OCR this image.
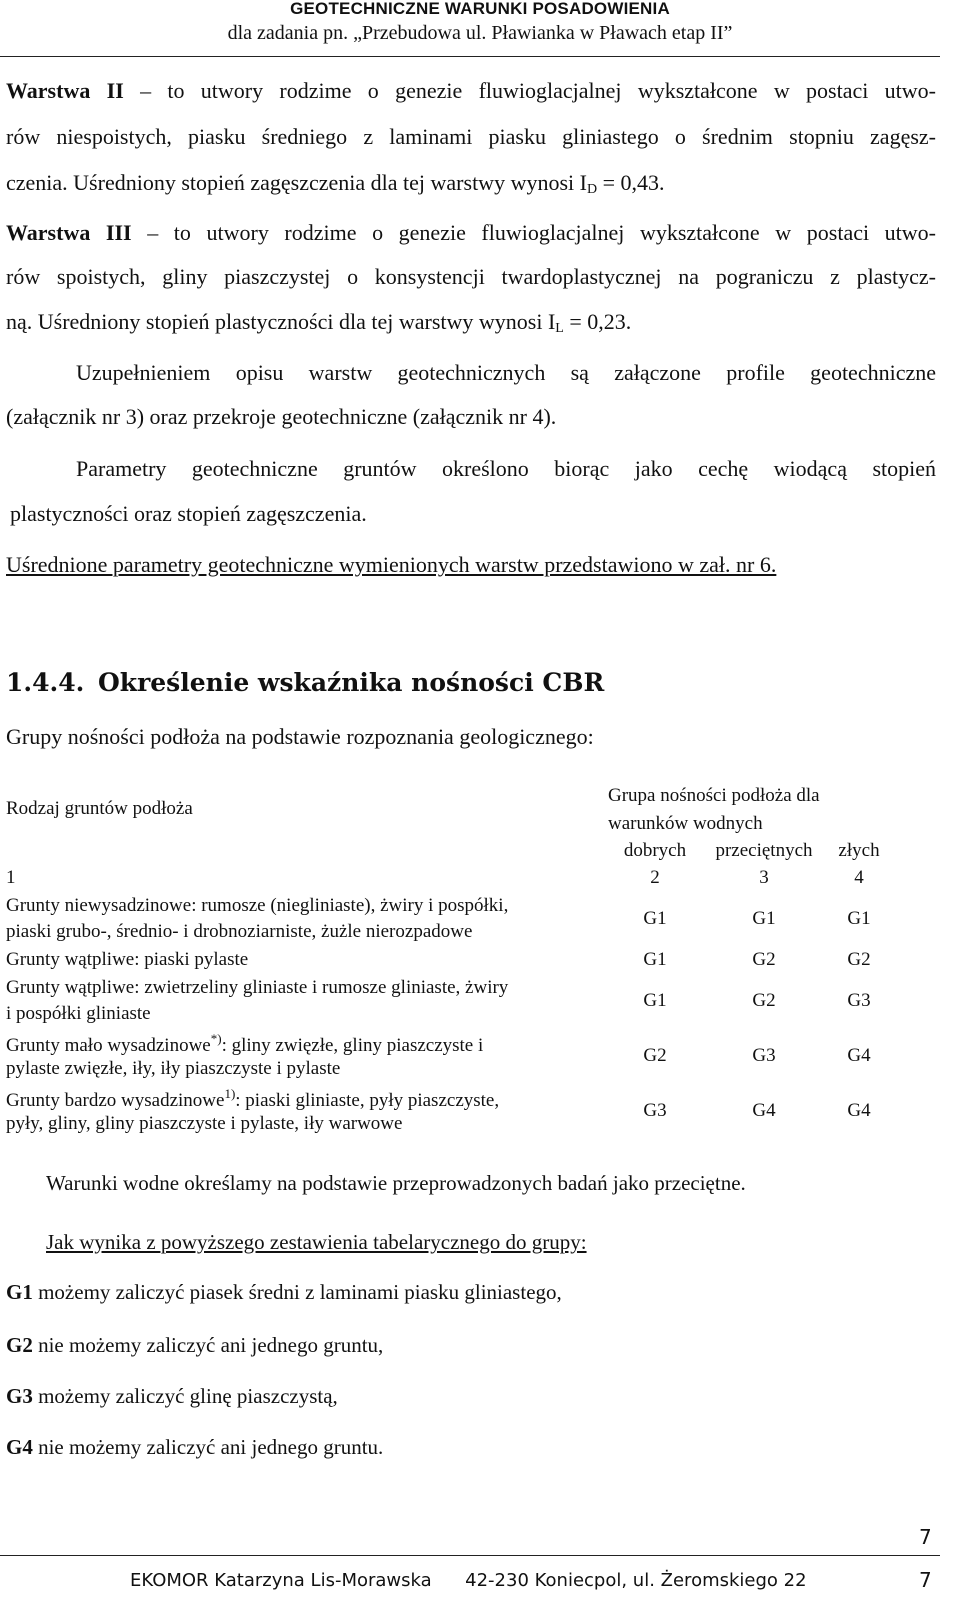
GEOTECHNICZNE WARUNKI POSADOWIENIA
dla zadania pn. „Przebudowa ul. Pławianka w Pławach etap II”
Warstwa II – to utwory rodzime o genezie fluwioglacjalnej wykształcone w postaci utwo-
rów niespoistych, piasku średniego z laminami piasku gliniastego o średnim stopniu zagęsz-
czenia. Uśredniony stopień zagęszczenia dla tej warstwy wynosi $I_D = 0,43$.
Warstwa III – to utwory rodzime o genezie fluwioglacjalnej wykształcone w postaci utwo-
rów spoistych, gliny piaszczystej o konsystencji twardoplastycznej na pograniczu z plastycz-
ną. Uśredniony stopień plastyczności dla tej warstwy wynosi $I_L = 0,23$.
Uzupełnieniem opisu warstw geotechnicznych są załączone profile geotechniczne
(załącznik nr 3) oraz przekroje geotechniczne (załącznik nr 4).
Parametry geotechniczne gruntów określono biorąc jako cechę wiodącą stopień
plastyczności oraz stopień zagęszczenia.
Uśrednione parametry geotechniczne wymienionych warstw przedstawiono w zał. nr 6.
1.4.4. Określenie wskaźnika nośności CBR
Grupy nośności podłoża na podstawie rozpoznania geologicznego:
Rodzaj gruntów podłoża
Grupa nośności podłoża dla
warunków wodnych
dobrych	przeciętnych	złych
1	2	3	4
Grunty niewysadzinowe: rumosze (niegliniaste), żwiry i pospółki,
piaski grubo-, średnio- i drobnoziarniste, żużle nierozpadowe
G1	G1	G1
Grunty wątpliwe: piaski pylaste	G1	G2	G2
Grunty wątpliwe: zwietrzeliny gliniaste i rumosze gliniaste, żwiry
i pospółki gliniaste
G1	G2	G3
Grunty mało wysadzinowe*): gliny zwięzłe, gliny piaszczyste i
pylaste zwięzłe, iły, iły piaszczyste i pylaste
G2	G3	G4
Grunty bardzo wysadzinowe$^{1)}$: piaski gliniaste, pyły piaszczyste,
pyły, gliny, gliny piaszczyste i pylaste, iły warwowe
G3	G4	G4
Warunki wodne określamy na podstawie przeprowadzonych badań jako przeciętne.
Jak wynika z powyższego zestawienia tabelarycznego do grupy:
G1 możemy zaliczyć piasek średni z laminami piasku gliniastego,
G2 nie możemy zaliczyć ani jednego gruntu,
G3 możemy zaliczyć glinę piaszczystą,
G4 nie możemy zaliczyć ani jednego gruntu.
7
EKOMOR Katarzyna Lis-Morawska 42-230 Koniecpol, ul. Żeromskiego 22	7
